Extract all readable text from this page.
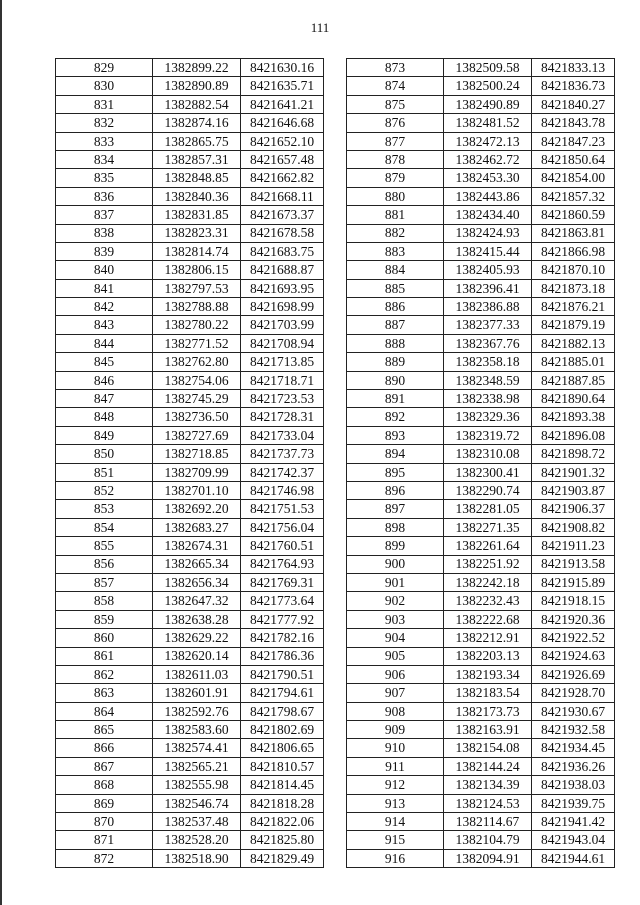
111
829	1382899.22	8421630.16
830	1382890.89	8421635.71
831	1382882.54	8421641.21
832	1382874.16	8421646.68
833	1382865.75	8421652.10
834	1382857.31	8421657.48
835	1382848.85	8421662.82
836	1382840.36	8421668.11
837	1382831.85	8421673.37
838	1382823.31	8421678.58
839	1382814.74	8421683.75
840	1382806.15	8421688.87
841	1382797.53	8421693.95
842	1382788.88	8421698.99
843	1382780.22	8421703.99
844	1382771.52	8421708.94
845	1382762.80	8421713.85
846	1382754.06	8421718.71
847	1382745.29	8421723.53
848	1382736.50	8421728.31
849	1382727.69	8421733.04
850	1382718.85	8421737.73
851	1382709.99	8421742.37
852	1382701.10	8421746.98
853	1382692.20	8421751.53
854	1382683.27	8421756.04
855	1382674.31	8421760.51
856	1382665.34	8421764.93
857	1382656.34	8421769.31
858	1382647.32	8421773.64
859	1382638.28	8421777.92
860	1382629.22	8421782.16
861	1382620.14	8421786.36
862	1382611.03	8421790.51
863	1382601.91	8421794.61
864	1382592.76	8421798.67
865	1382583.60	8421802.69
866	1382574.41	8421806.65
867	1382565.21	8421810.57
868	1382555.98	8421814.45
869	1382546.74	8421818.28
870	1382537.48	8421822.06
871	1382528.20	8421825.80
872	1382518.90	8421829.49
873	1382509.58	8421833.13
874	1382500.24	8421836.73
875	1382490.89	8421840.27
876	1382481.52	8421843.78
877	1382472.13	8421847.23
878	1382462.72	8421850.64
879	1382453.30	8421854.00
880	1382443.86	8421857.32
881	1382434.40	8421860.59
882	1382424.93	8421863.81
883	1382415.44	8421866.98
884	1382405.93	8421870.10
885	1382396.41	8421873.18
886	1382386.88	8421876.21
887	1382377.33	8421879.19
888	1382367.76	8421882.13
889	1382358.18	8421885.01
890	1382348.59	8421887.85
891	1382338.98	8421890.64
892	1382329.36	8421893.38
893	1382319.72	8421896.08
894	1382310.08	8421898.72
895	1382300.41	8421901.32
896	1382290.74	8421903.87
897	1382281.05	8421906.37
898	1382271.35	8421908.82
899	1382261.64	8421911.23
900	1382251.92	8421913.58
901	1382242.18	8421915.89
902	1382232.43	8421918.15
903	1382222.68	8421920.36
904	1382212.91	8421922.52
905	1382203.13	8421924.63
906	1382193.34	8421926.69
907	1382183.54	8421928.70
908	1382173.73	8421930.67
909	1382163.91	8421932.58
910	1382154.08	8421934.45
911	1382144.24	8421936.26
912	1382134.39	8421938.03
913	1382124.53	8421939.75
914	1382114.67	8421941.42
915	1382104.79	8421943.04
916	1382094.91	8421944.61
